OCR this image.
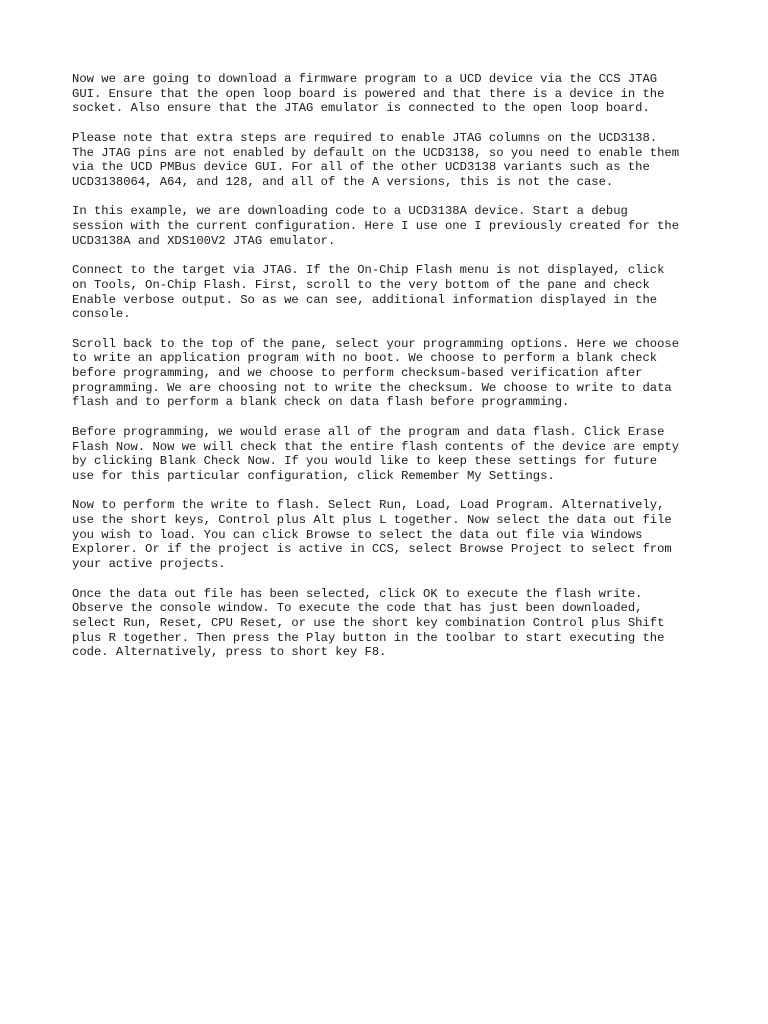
Now we are going to download a firmware program to a UCD device via the CCS JTAG
GUI. Ensure that the open loop board is powered and that there is a device in the
socket. Also ensure that the JTAG emulator is connected to the open loop board.

Please note that extra steps are required to enable JTAG columns on the UCD3138.
The JTAG pins are not enabled by default on the UCD3138, so you need to enable them
via the UCD PMBus device GUI. For all of the other UCD3138 variants such as the
UCD3138064, A64, and 128, and all of the A versions, this is not the case.

In this example, we are downloading code to a UCD3138A device. Start a debug
session with the current configuration. Here I use one I previously created for the
UCD3138A and XDS100V2 JTAG emulator.

Connect to the target via JTAG. If the On-Chip Flash menu is not displayed, click
on Tools, On-Chip Flash. First, scroll to the very bottom of the pane and check
Enable verbose output. So as we can see, additional information displayed in the
console.

Scroll back to the top of the pane, select your programming options. Here we choose
to write an application program with no boot. We choose to perform a blank check
before programming, and we choose to perform checksum-based verification after
programming. We are choosing not to write the checksum. We choose to write to data
flash and to perform a blank check on data flash before programming.

Before programming, we would erase all of the program and data flash. Click Erase
Flash Now. Now we will check that the entire flash contents of the device are empty
by clicking Blank Check Now. If you would like to keep these settings for future
use for this particular configuration, click Remember My Settings.

Now to perform the write to flash. Select Run, Load, Load Program. Alternatively,
use the short keys, Control plus Alt plus L together. Now select the data out file
you wish to load. You can click Browse to select the data out file via Windows
Explorer. Or if the project is active in CCS, select Browse Project to select from
your active projects.

Once the data out file has been selected, click OK to execute the flash write.
Observe the console window. To execute the code that has just been downloaded,
select Run, Reset, CPU Reset, or use the short key combination Control plus Shift
plus R together. Then press the Play button in the toolbar to start executing the
code. Alternatively, press to short key F8.
